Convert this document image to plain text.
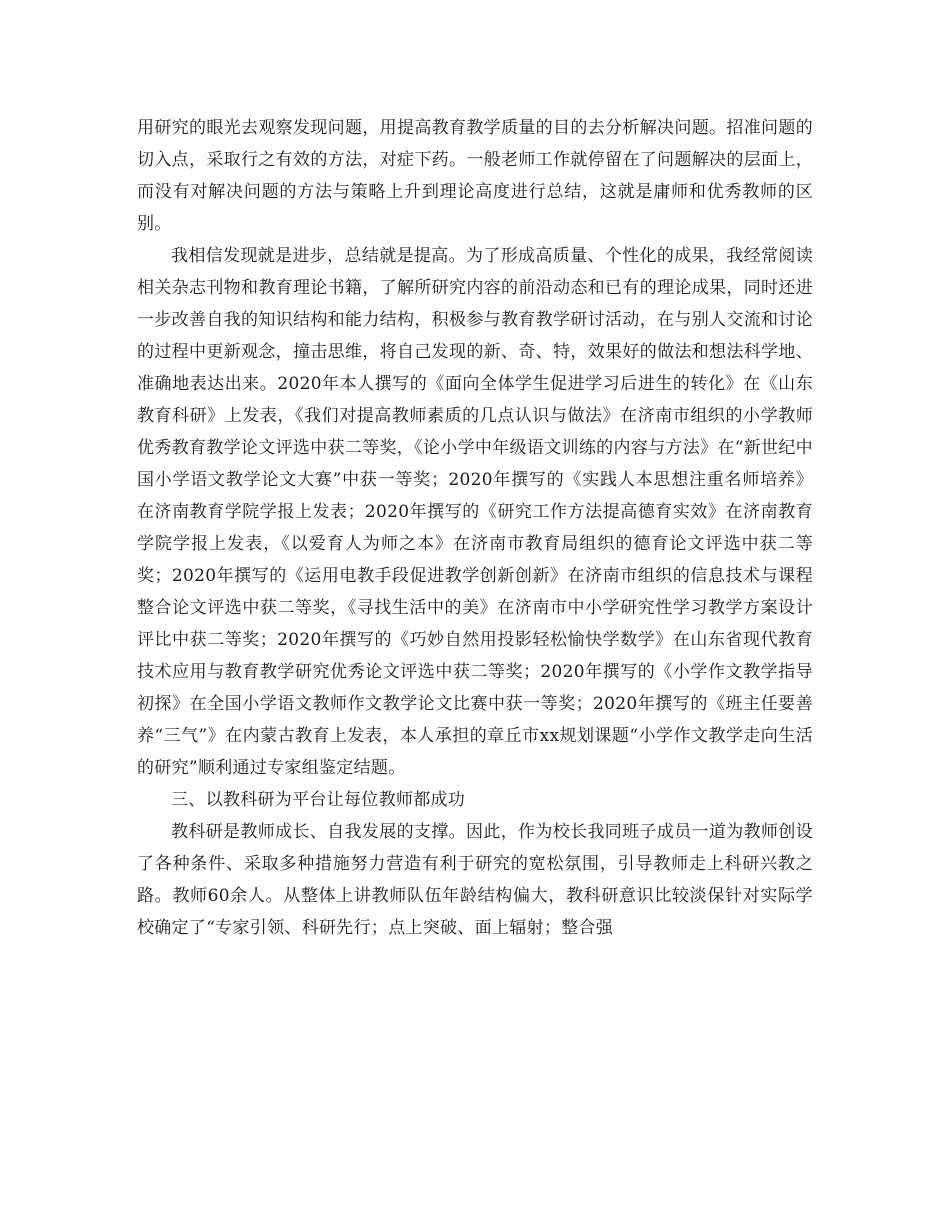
用研究的眼光去观察发现问题，用提高教育教学质量的目的去分析解决问题。招准问题的切入点，采取行之有效的方法，对症下药。一般老师工作就停留在了问题解决的层面上，而没有对解决问题的方法与策略上升到理论高度进行总结，这就是庸师和优秀教师的区别。

我相信发现就是进步，总结就是提高。为了形成高质量、个性化的成果，我经常阅读相关杂志刊物和教育理论书籍，了解所研究内容的前沿动态和已有的理论成果，同时还进一步改善自我的知识结构和能力结构，积极参与教育教学研讨活动，在与别人交流和讨论的过程中更新观念，撞击思维，将自己发现的新、奇、特，效果好的做法和想法科学地、准确地表达出来。2020年本人撰写的《面向全体学生促进学习后进生的转化》在《山东教育科研》上发表，《我们对提高教师素质的几点认识与做法》在济南市组织的小学教师优秀教育教学论文评选中获二等奖，《论小学中年级语文训练的内容与方法》在“新世纪中国小学语文教学论文大赛”中获一等奖；2020年撰写的《实践人本思想注重名师培养》在济南教育学院学报上发表；2020年撰写的《研究工作方法提高德育实效》在济南教育学院学报上发表，《以爱育人为师之本》在济南市教育局组织的德育论文评选中获二等奖；2020年撰写的《运用电教手段促进教学创新创新》在济南市组织的信息技术与课程整合论文评选中获二等奖，《寻找生活中的美》在济南市中小学研究性学习教学方案设计评比中获二等奖；2020年撰写的《巧妙自然用投影轻松愉快学数学》在山东省现代教育技术应用与教育教学研究优秀论文评选中获二等奖；2020年撰写的《小学作文教学指导初探》在全国小学语文教师作文教学论文比赛中获一等奖；2020年撰写的《班主任要善养“三气”》在内蒙古教育上发表，本人承担的章丘市xx规划课题“小学作文教学走向生活的研究”顺利通过专家组鉴定结题。

三、以教科研为平台让每位教师都成功

教科研是教师成长、自我发展的支撑。因此，作为校长我同班子成员一道为教师创设了各种条件、采取多种措施努力营造有利于研究的宽松氛围，引导教师走上科研兴教之路。教师60余人。从整体上讲教师队伍年龄结构偏大，教科研意识比较淡保针对实际学校确定了“专家引领、科研先行；点上突破、面上辐射；整合强
